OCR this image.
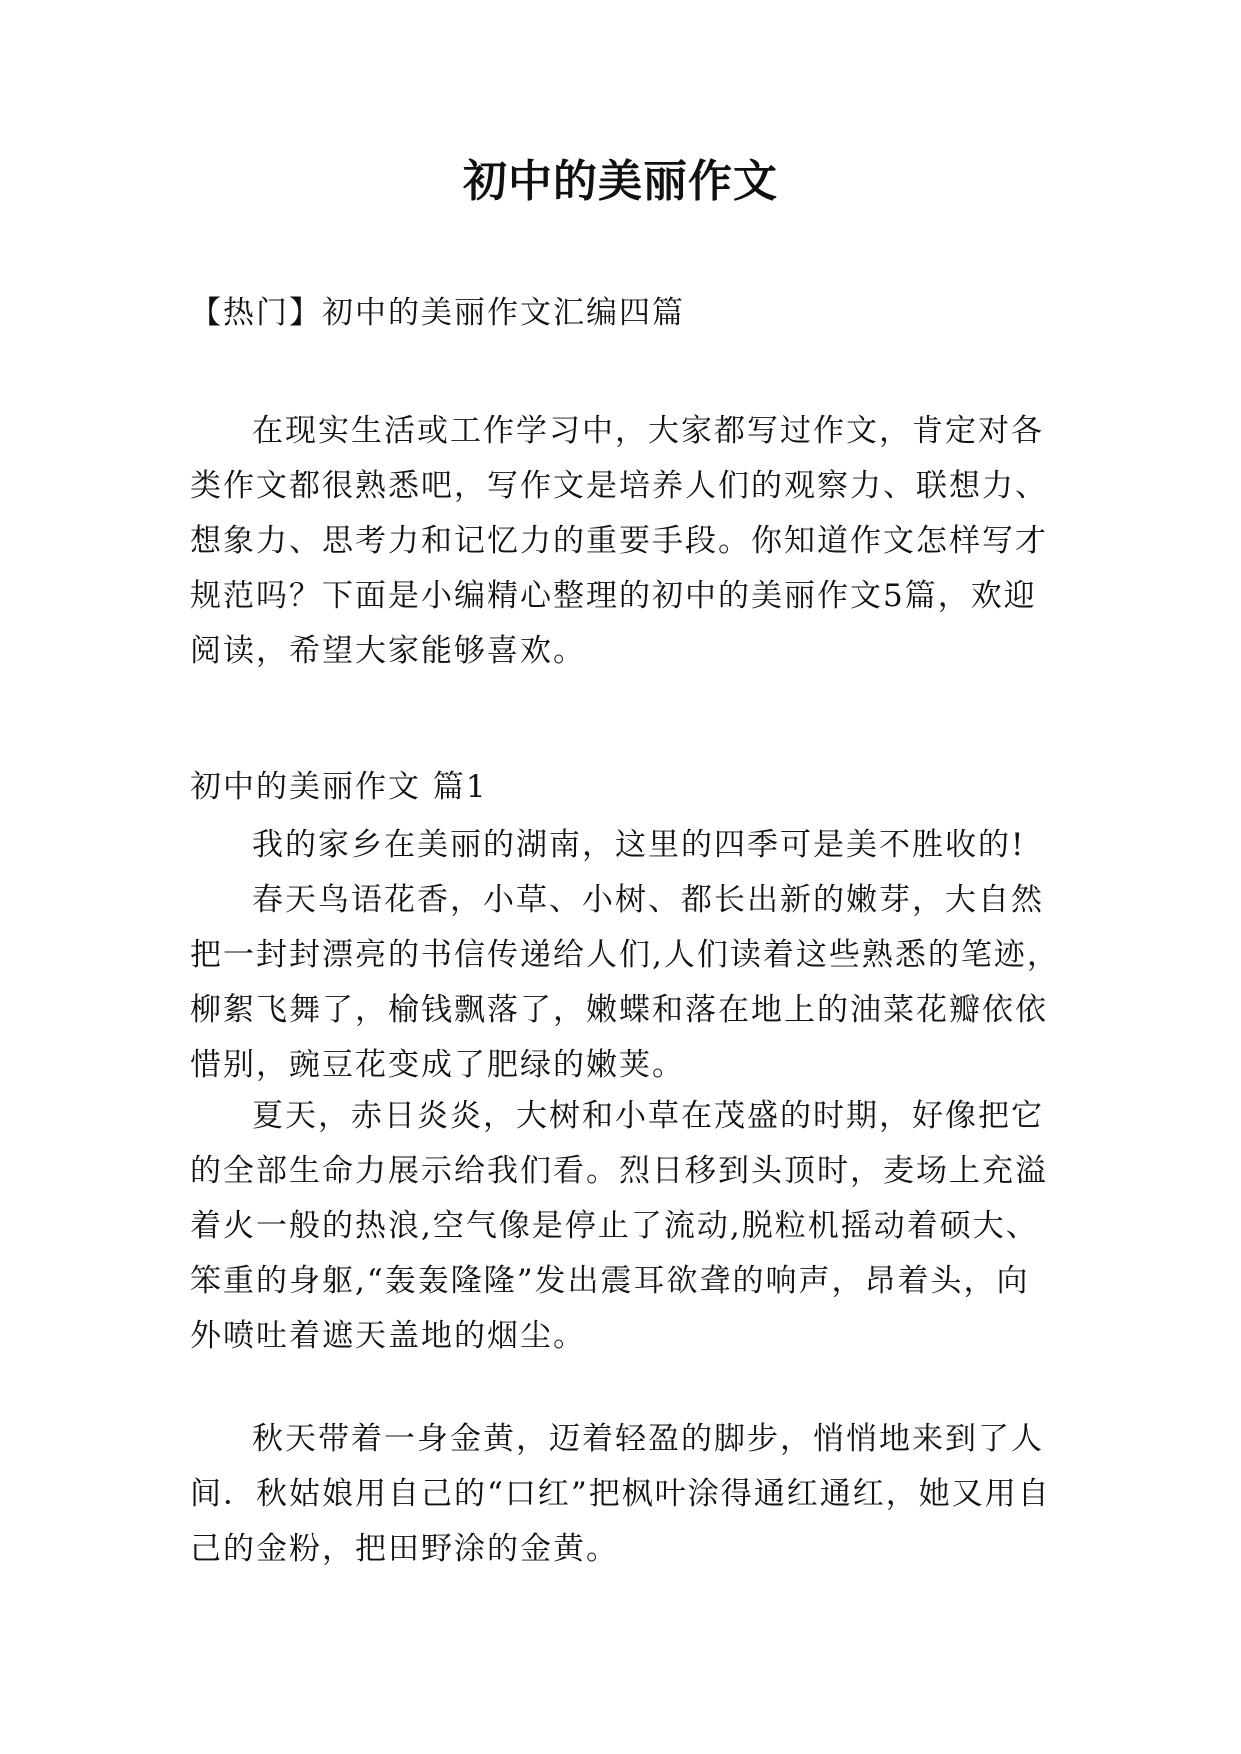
初中的美丽作文
【热门】初中的美丽作文汇编四篇
在现实生活或工作学习中，大家都写过作文，肯定对各类作文都很熟悉吧，写作文是培养人们的观察力、联想力、想象力、思考力和记忆力的重要手段。你知道作文怎样写才规范吗？下面是小编精心整理的初中的美丽作文5篇，欢迎阅读，希望大家能够喜欢。
初中的美丽作文 篇1
我的家乡在美丽的湖南，这里的四季可是美不胜收的!
春天鸟语花香，小草、小树、都长出新的嫩芽，大自然把一封封漂亮的书信传递给人们,人们读着这些熟悉的笔迹，柳絮飞舞了，榆钱飘落了，嫩蝶和落在地上的油菜花瓣依依惜别，豌豆花变成了肥绿的嫩荚。
夏天，赤日炎炎，大树和小草在茂盛的时期，好像把它的全部生命力展示给我们看。烈日移到头顶时，麦场上充溢着火一般的热浪,空气像是停止了流动,脱粒机摇动着硕大、笨重的身躯,“轰轰隆隆”发出震耳欲聋的响声，昂着头，向外喷吐着遮天盖地的烟尘。
秋天带着一身金黄，迈着轻盈的脚步，悄悄地来到了人间．秋姑娘用自己的“口红”把枫叶涂得通红通红，她又用自己的金粉，把田野涂的金黄。
